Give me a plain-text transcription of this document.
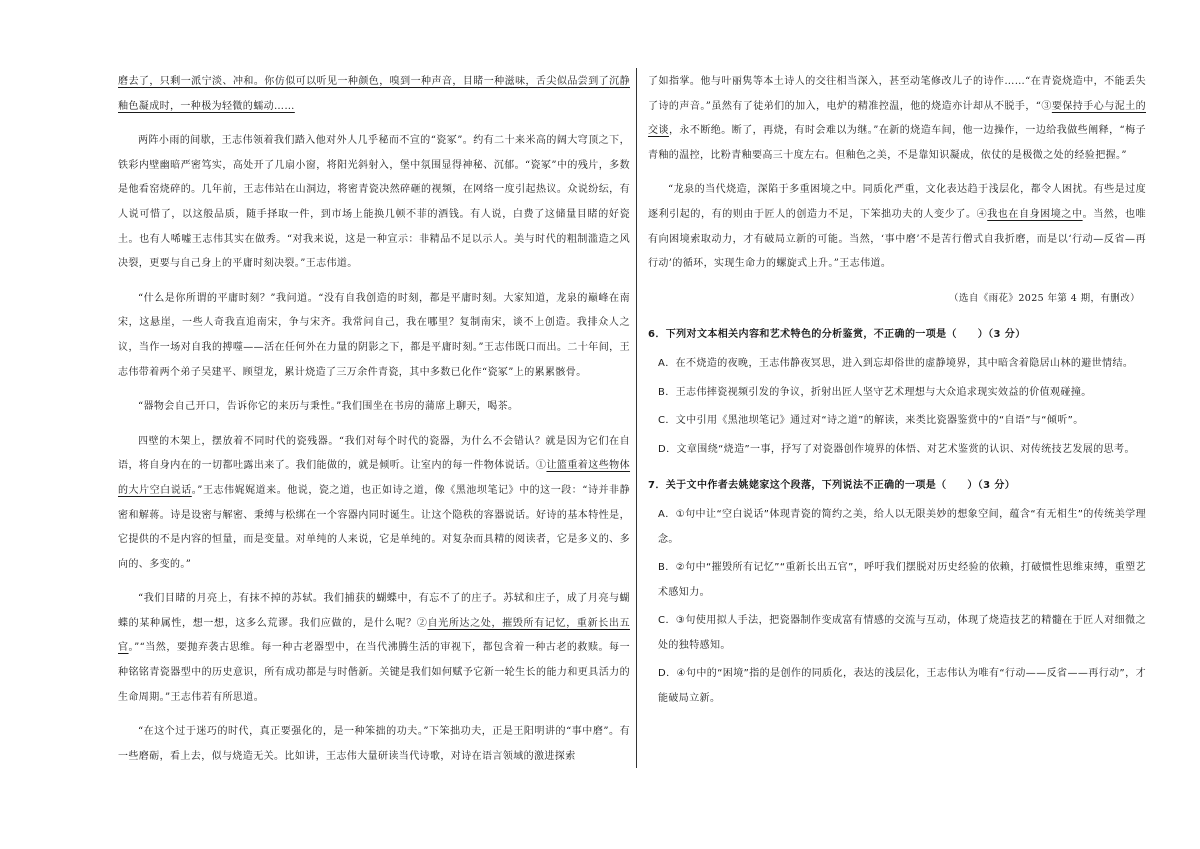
磨去了，只剩一派宁淡、冲和。你仿似可以听见一种颜色，嗅到一种声音，目睹一种滋味，舌尖似品尝到了沉静釉色凝成时，一种极为轻微的蠕动……

两阵小雨的间歇，王志伟领着我们踏入他对外人几乎秘而不宣的“瓷冢”。约有二十来米高的阔大穹顶之下，铁彩内壁幽暗严密笃实，高处开了几扇小窗，将阳光斜射入，堡中氛围显得神秘、沉郁。“瓷冢”中的残片，多数是他看窑烧碎的。几年前，王志伟站在山洞边，将密青瓷决然碎砸的视频，在网络一度引起热议。众说纷纭，有人说可惜了，以这般品质，随手择取一件，到市场上能换几顿不菲的酒钱。有人说，白费了这储量目睹的好瓷土。也有人唏嘘王志伟其实在做秀。“对我来说，这是一种宣示：非精品不足以示人。美与时代的粗制滥造之风决裂，更要与自己身上的平庸时刻决裂。”王志伟道。

“什么是你所谓的平庸时刻？”我问道。“没有自我创造的时刻，都是平庸时刻。大家知道，龙泉的巅峰在南宋，这悬崖，一些人奇我直追南宋，争与宋齐。我常问自己，我在哪里？复制南宋，谈不上创造。我排众人之议，当作一场对自我的搏噬——活在任何外在力量的阴影之下，都是平庸时刻。”王志伟既口而出。二十年间，王志伟带着两个弟子吴建平、顾望龙，累计烧造了三万余件青瓷，其中多数已化作“瓷冢”上的累累骸骨。

“器物会自己开口，告诉你它的来历与秉性。”我们围坐在书房的蒲席上聊天，喝茶。

四壁的木架上，摆放着不同时代的瓷残器。“我们对每个时代的瓷器，为什么不会错认？就是因为它们在自语，将自身内在的一切都吐露出来了。我们能做的，就是倾听。让室内的每一件物体说话。①让篮重着这些物体的大片空白说话。”王志伟娓娓道来。他说，瓷之道，也正如诗之道，像《黑池坝笔记》中的这一段：“诗并非静密和解蒋。诗是设密与解密、秉缚与松绑在一个容器内同时诞生。让这个隐秩的容器说话。好诗的基本特性是，它提供的不是内容的恒量，而是变量。对单纯的人来说，它是单纯的。对复杂而具精的阅读者，它是多义的、多向的、多变的。”

“我们目睹的月亮上，有抹不掉的苏轼。我们捕获的蝴蝶中，有忘不了的庄子。苏轼和庄子，成了月亮与蝴蝶的某种属性，想一想，这多么荒谬。我们应做的，是什么呢？②自光所达之处，摧毁所有记忆，重新长出五官。”“当然，要抛弃袭古思维。每一种古老器型中，在当代沸腾生活的审视下，都包含着一种古老的救赎。每一种铭铭青瓷器型中的历史意识，所有成功都是与时偕新。关键是我们如何赋予它新一轮生长的能力和更具活力的生命周期。”王志伟若有所思道。

“在这个过于迷巧的时代，真正要强化的，是一种笨拙的功夫。”下笨拙功夫，正是王阳明讲的“事中磨”。有一些磨砺，看上去，似与烧造无关。比如讲，王志伟大量研读当代诗歌，对诗在语言领域的激进探索

了如指掌。他与叶丽隽等本土诗人的交往相当深入，甚至动笔修改儿子的诗作……“在青瓷烧造中，不能丢失了诗的声音。”虽然有了徒弟们的加入，电炉的精准控温，他的烧造亦计却从不脱手，“③要保持手心与泥土的交谈，永不断绝。断了，再烧，有时会难以为继。”在新的烧造车间，他一边操作，一边给我做些阐释，“梅子青釉的温控，比粉青釉要高三十度左右。但釉色之美，不是靠知识凝成，依仗的是极微之处的经验把握。”

“龙泉的当代烧造，深陷于多重困境之中。同质化严重，文化表达趋于浅层化，都令人困扰。有些是过度逐利引起的，有的则由于匠人的创造力不足，下笨拙功夫的人变少了。④我也在自身困境之中。当然，也唯有向困境索取动力，才有破局立新的可能。当然，‘事中磨’不是苦行僧式自我折磨，而是以‘行动—反省—再行动’的循环，实现生命力的螺旋式上升。”王志伟道。

（选自《雨花》2025 年第 4 期，有删改）

6．下列对文本相关内容和艺术特色的分析鉴赏，不正确的一项是（　　）（3 分）

A．在不烧造的夜晚，王志伟静夜冥思，进入到忘却俗世的虚静境界，其中暗含着隐居山林的避世情结。

B．王志伟摔瓷视频引发的争议，折射出匠人坚守艺术理想与大众追求现实效益的价值观碰撞。

C．文中引用《黑池坝笔记》通过对“诗之道”的解读，来类比瓷器鉴赏中的“自语”与“倾听”。

D．文章围绕“烧造”一事，抒写了对瓷器创作境界的体悟、对艺术鉴赏的认识、对传统技艺发展的思考。

7．关于文中作者去姚姥家这个段落，下列说法不正确的一项是（　　）（3 分）

A．①句中让“空白说话”体现青瓷的简约之美，给人以无限美妙的想象空间，蕴含“有无相生”的传统美学理念。

B．②句中“摧毁所有记忆”“重新长出五官”，呼吁我们摆脱对历史经验的依赖，打破惯性思维束缚，重塑艺术感知力。

C．③句使用拟人手法，把瓷器制作变成富有情感的交流与互动，体现了烧造技艺的精髓在于匠人对细微之处的独特感知。

D．④句中的“困境”指的是创作的同质化，表达的浅层化，王志伟认为唯有“行动——反省——再行动”，才能破局立新。
